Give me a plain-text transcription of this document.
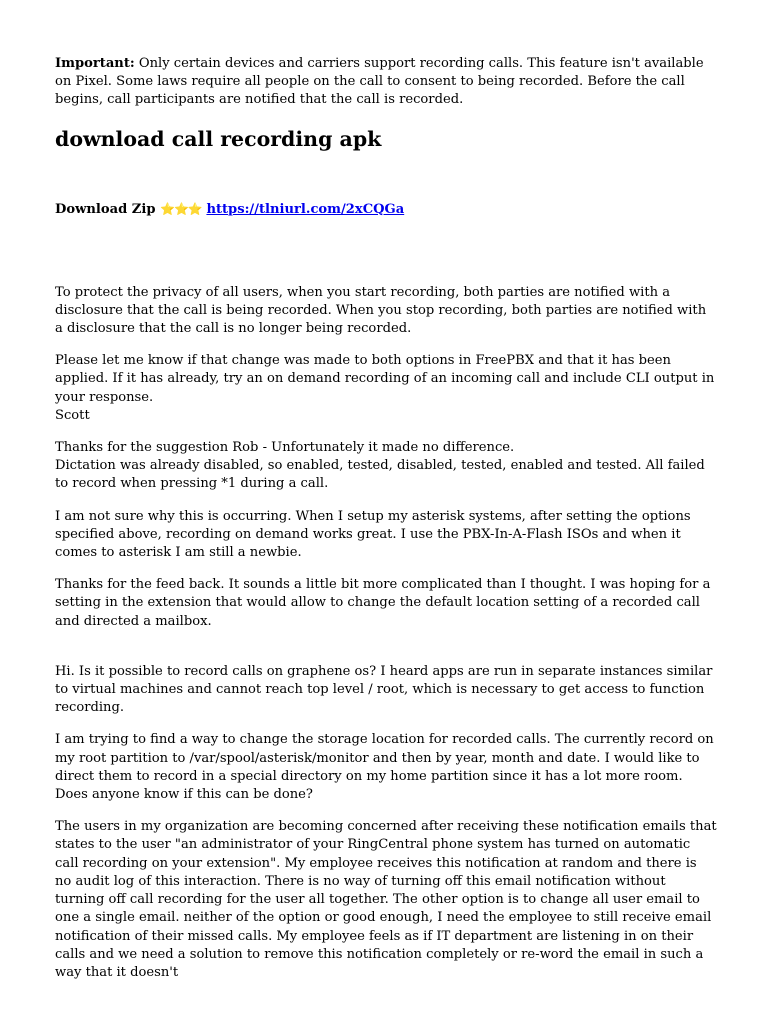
Important: Only certain devices and carriers support recording calls. This feature isn't available on Pixel. Some laws require all people on the call to consent to being recorded. Before the call begins, call participants are notified that the call is recorded.

download call recording apk
Download Zip ⭐⭐⭐ https://tlniurl.com/2xCQGa

To protect the privacy of all users, when you start recording, both parties are notified with a disclosure that the call is being recorded. When you stop recording, both parties are notified with a disclosure that the call is no longer being recorded.

Please let me know if that change was made to both options in FreePBX and that it has been applied. If it has already, try an on demand recording of an incoming call and include CLI output in your response.
Scott

Thanks for the suggestion Rob - Unfortunately it made no difference.
Dictation was already disabled, so enabled, tested, disabled, tested, enabled and tested. All failed to record when pressing *1 during a call.

I am not sure why this is occurring. When I setup my asterisk systems, after setting the options specified above, recording on demand works great. I use the PBX-In-A-Flash ISOs and when it comes to asterisk I am still a newbie.

Thanks for the feed back. It sounds a little bit more complicated than I thought. I was hoping for a setting in the extension that would allow to change the default location setting of a recorded call and directed a mailbox.

Hi. Is it possible to record calls on graphene os? I heard apps are run in separate instances similar to virtual machines and cannot reach top level / root, which is necessary to get access to function recording.

I am trying to find a way to change the storage location for recorded calls. The currently record on my root partition to /var/spool/asterisk/monitor and then by year, month and date. I would like to direct them to record in a special directory on my home partition since it has a lot more room. Does anyone know if this can be done?

The users in my organization are becoming concerned after receiving these notification emails that states to the user "an administrator of your RingCentral phone system has turned on automatic call recording on your extension". My employee receives this notification at random and there is no audit log of this interaction. There is no way of turning off this email notification without turning off call recording for the user all together. The other option is to change all user email to one a single email. neither of the option or good enough, I need the employee to still receive email notification of their missed calls. My employee feels as if IT department are listening in on their calls and we need a solution to remove this notification completely or re-word the email in such a way that it doesn't
